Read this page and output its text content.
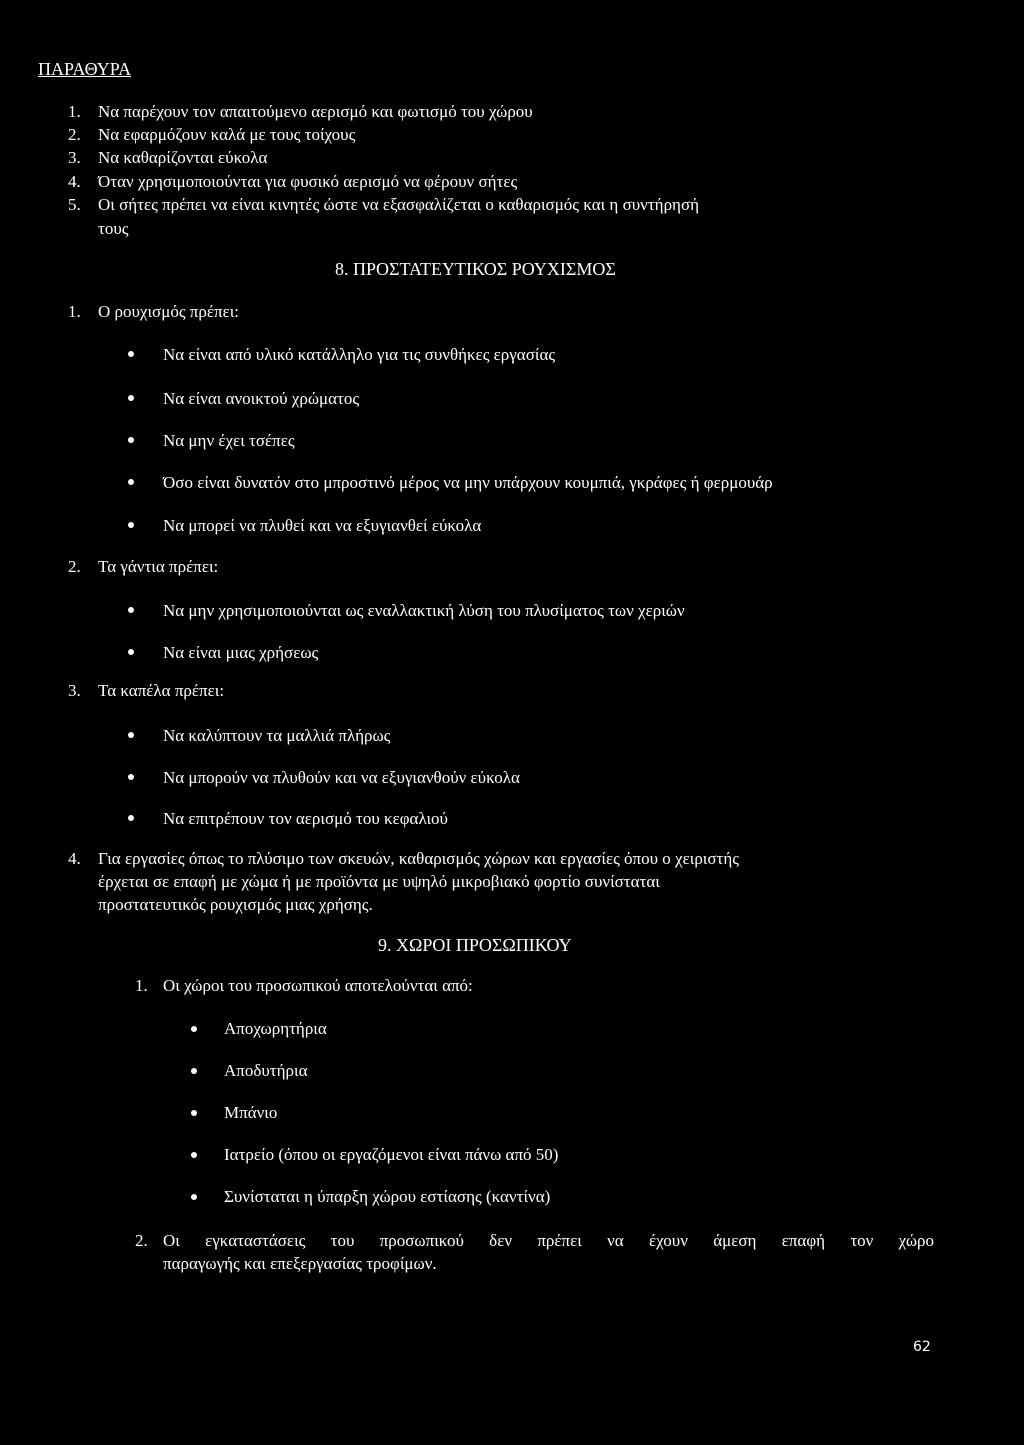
ΠΑΡΑΘΥΡΑ
1. Να παρέχουν τον απαιτούμενο αερισμό και φωτισμό του χώρου
2. Να εφαρμόζουν καλά με τους τοίχους
3. Να καθαρίζονται εύκολα
4. Όταν χρησιμοποιούνται για φυσικό αερισμό να φέρουν σήτες
5. Οι σήτες πρέπει να είναι κινητές ώστε να εξασφαλίζεται ο καθαρισμός και η συντήρησή
τους
8. ΠΡΟΣΤΑΤΕΥΤΙΚΟΣ ΡΟΥΧΙΣΜΟΣ
1. Ο ρουχισμός πρέπει:
Να είναι από υλικό κατάλληλο για τις συνθήκες εργασίας
Να είναι ανοικτού χρώματος
Να μην έχει τσέπες
Όσο είναι δυνατόν στο μπροστινό μέρος να μην υπάρχουν κουμπιά, γκράφες ή φερμουάρ
Να μπορεί να πλυθεί και να εξυγιανθεί εύκολα
2. Τα γάντια πρέπει:
Να μην χρησιμοποιούνται ως εναλλακτική λύση του πλυσίματος των χεριών
Να είναι μιας χρήσεως
3. Τα καπέλα πρέπει:
Να καλύπτουν τα μαλλιά πλήρως
Να μπορούν να πλυθούν και να εξυγιανθούν εύκολα
Να επιτρέπουν τον αερισμό του κεφαλιού
4. Για εργασίες όπως το πλύσιμο των σκευών, καθαρισμός χώρων και εργασίες όπου ο χειριστής
έρχεται σε επαφή με χώμα ή με προϊόντα με υψηλό μικροβιακό φορτίο συνίσταται
προστατευτικός ρουχισμός μιας χρήσης.
9. ΧΩΡΟΙ ΠΡΟΣΩΠΙΚΟΥ
1. Οι χώροι του προσωπικού αποτελούνται από:
Αποχωρητήρια
Αποδυτήρια
Μπάνιο
Ιατρείο (όπου οι εργαζόμενοι είναι πάνω από 50)
Συνίσταται η ύπαρξη χώρου εστίασης (καντίνα)
2. Οι εγκαταστάσεις του προσωπικού δεν πρέπει να έχουν άμεση επαφή τον χώρο
παραγωγής και επεξεργασίας τροφίμων.
62
